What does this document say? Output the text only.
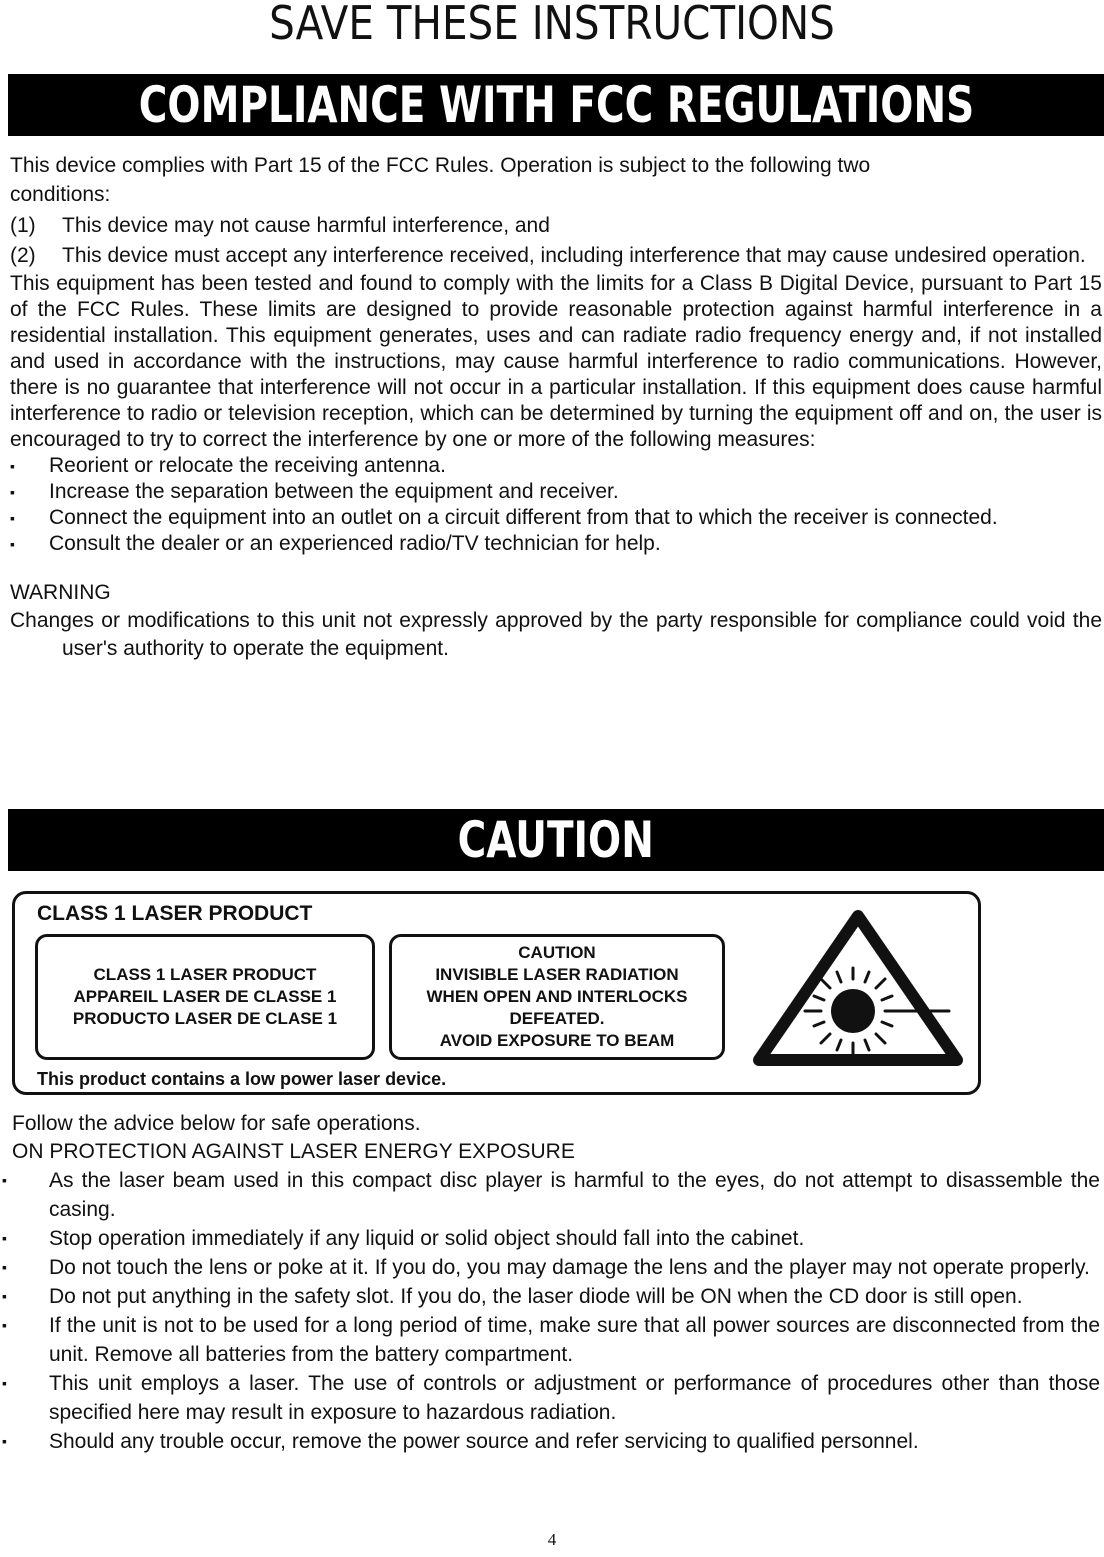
SAVE THESE INSTRUCTIONS
COMPLIANCE WITH FCC REGULATIONS

This device complies with Part 15 of the FCC Rules. Operation is subject to the following two

conditions:

(1) This device may not cause harmful interference, and
(2) This device must accept any interference received, including interference that may cause undesired operation.

This equipment has been tested and found to comply with the limits for a Class B Digital Device, pursuant to Part 15 of the FCC Rules. These limits are designed to provide reasonable protection against harmful interference in a residential installation. This equipment generates, uses and can radiate radio frequency energy and, if not installed and used in accordance with the instructions, may cause harmful interference to radio communications. However, there is no guarantee that interference will not occur in a particular installation. If this equipment does cause harmful interference to radio or television reception, which can be determined by turning the equipment off and on, the user is encouraged to try to correct the interference by one or more of the following measures:

▪ Reorient or relocate the receiving antenna.
▪ Increase the separation between the equipment and receiver.
▪ Connect the equipment into an outlet on a circuit different from that to which the receiver is connected.
▪ Consult the dealer or an experienced radio/TV technician for help.

WARNING

Changes or modifications to this unit not expressly approved by the party responsible for compliance could void the user's authority to operate the equipment.

CAUTION
CLASS 1 LASER PRODUCT
CLASS 1 LASER PRODUCT
APPAREIL LASER DE CLASSE 1
PRODUCTO LASER DE CLASE 1
CAUTION
INVISIBLE LASER RADIATION
WHEN OPEN AND INTERLOCKS
DEFEATED.
AVOID EXPOSURE TO BEAM
This product contains a low power laser device.

Follow the advice below for safe operations.

ON PROTECTION AGAINST LASER ENERGY EXPOSURE

▪ As the laser beam used in this compact disc player is harmful to the eyes, do not attempt to disassemble the casing.
▪ Stop operation immediately if any liquid or solid object should fall into the cabinet.
▪ Do not touch the lens or poke at it. If you do, you may damage the lens and the player may not operate properly.
▪ Do not put anything in the safety slot. If you do, the laser diode will be ON when the CD door is still open.
▪ If the unit is not to be used for a long period of time, make sure that all power sources are disconnected from the unit. Remove all batteries from the battery compartment.
▪ This unit employs a laser. The use of controls or adjustment or performance of procedures other than those specified here may result in exposure to hazardous radiation.
▪ Should any trouble occur, remove the power source and refer servicing to qualified personnel.
4
